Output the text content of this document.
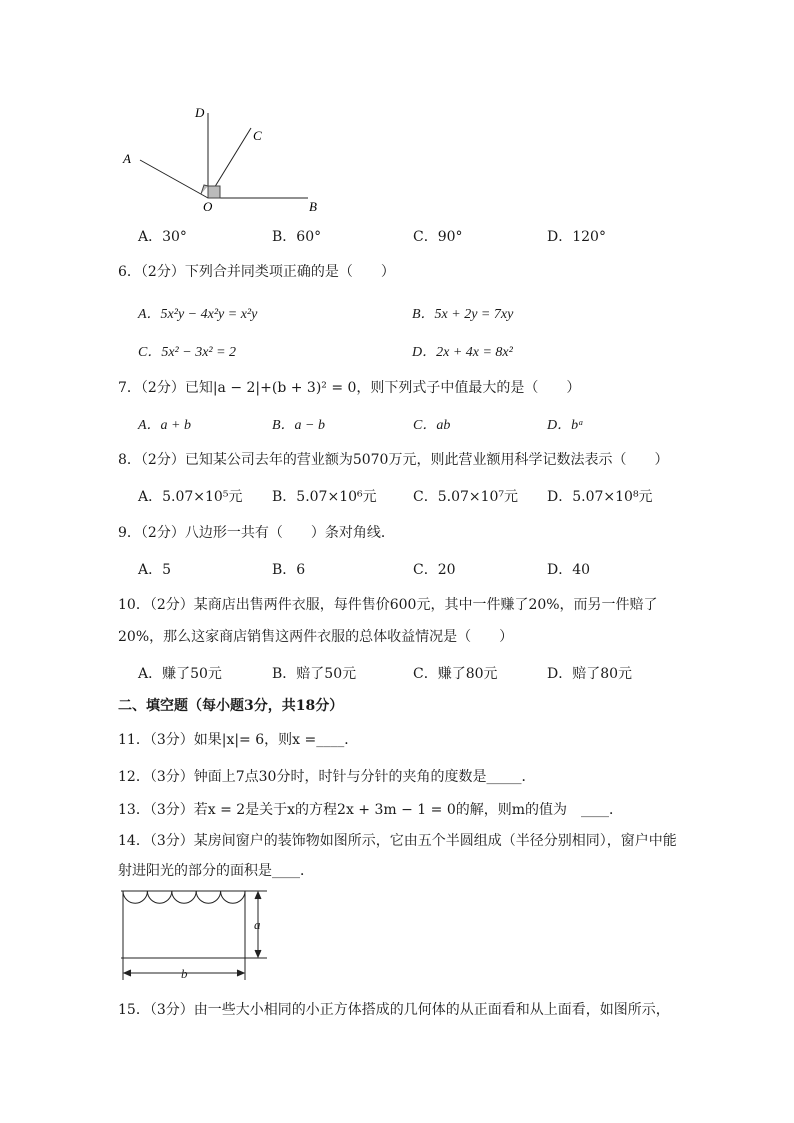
D
C
A
O	B
A．30°	B．60°	C．90°	D．120°
6．（2分）下列合并同类项正确的是（　　）
A．5x²y − 4x²y = x²y	B．5x + 2y = 7xy
C．5x² − 3x² = 2	D．2x + 4x = 8x²
7．（2分）已知|a − 2|+(b + 3)² = 0，则下列式子中值最大的是（　　）
A．a + b	B．a − b	C．ab	D．bᵃ
8．（2分）已知某公司去年的营业额为5070万元，则此营业额用科学记数法表示（　　）
A．5.07×10⁵元 B．5.07×10⁶元	C．5.07×10⁷元 D．5.07×10⁸元
9．（2分）八边形一共有（　　）条对角线．
A．5	B．6	C．20	D．40
10．（2分）某商店出售两件衣服，每件售价600元，其中一件赚了20%，而另一件赔了
20%，那么这家商店销售这两件衣服的总体收益情况是（　　）
A．赚了50元	B．赔了50元	C．赚了80元	D．赔了80元
二、填空题（每小题3分，共18分）
11．（3分）如果|x|= 6，则x =____．
12．（3分）钟面上7点30分时，时针与分针的夹角的度数是_____．
13．（3分）若x = 2是关于x的方程2x + 3m − 1 = 0的解，则m的值为　____．
14．（3分）某房间窗户的装饰物如图所示，它由五个半圆组成（半径分别相同），窗户中能
射进阳光的部分的面积是____．
a
b
15．（3分）由一些大小相同的小正方体搭成的几何体的从正面看和从上面看，如图所示，
